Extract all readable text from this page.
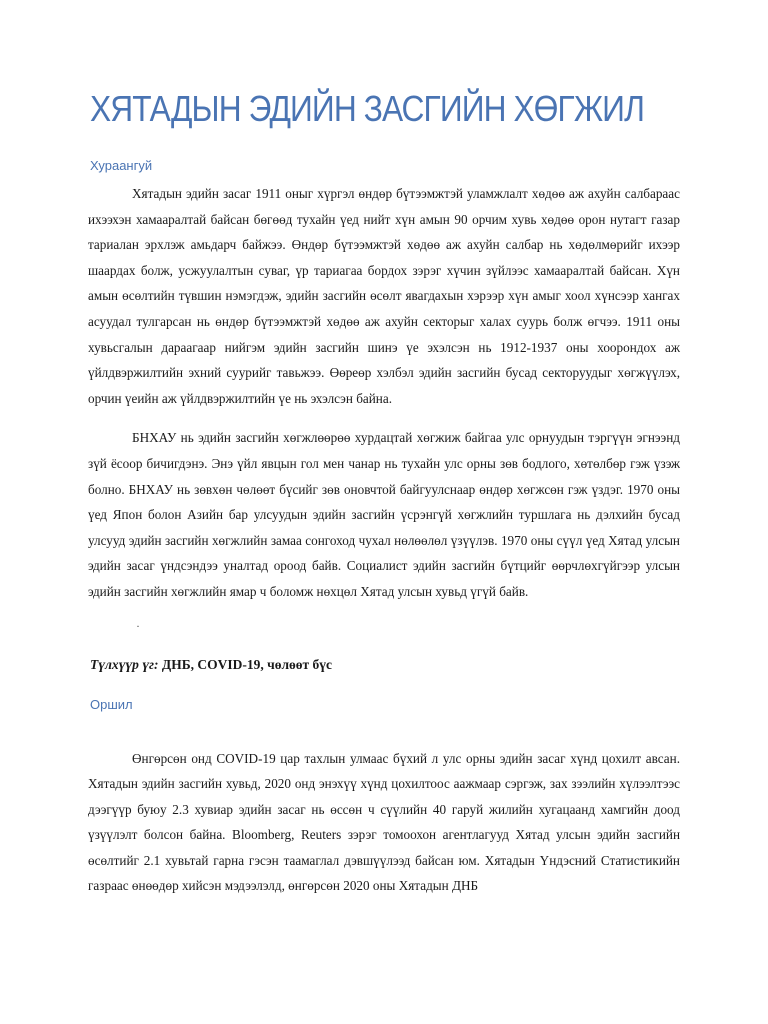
ХЯТАДЫН ЭДИЙН ЗАСГИЙН ХӨГЖИЛ
Хураангуй

Хятадын эдийн засаг 1911 оныг хүргэл өндөр бүтээмжтэй уламжлалт хөдөө аж ахуйн салбараас ихээхэн хамааралтай байсан бөгөөд тухайн үед нийт хүн амын 90 орчим хувь хөдөө орон нутагт газар тариалан эрхлэж амьдарч байжээ. Өндөр бүтээмжтэй хөдөө аж ахуйн салбар нь хөдөлмөрийг ихээр шаардах болж, усжуулалтын суваг, үр тариагаа бордох зэрэг хүчин зүйлээс хамааралтай байсан. Хүн амын өсөлтийн түвшин нэмэгдэж, эдийн засгийн өсөлт явагдахын хэрээр хүн амыг хоол хүнсээр хангах асуудал тулгарсан нь өндөр бүтээмжтэй хөдөө аж ахуйн секторыг халах суурь болж өгчээ. 1911 оны хувьсгалын дараагаар нийгэм эдийн засгийн шинэ үе эхэлсэн нь 1912-1937 оны хоорондох аж үйлдвэржилтийн эхний суурийг тавьжээ. Өөреөр хэлбэл эдийн засгийн бусад секторуудыг хөгжүүлэх, орчин үеийн аж үйлдвэржилтийн үе нь эхэлсэн байна.

БНХАУ нь эдийн засгийн хөгжлөөрөө хурдацтай хөгжиж байгаа улс орнуудын тэргүүн эгнээнд зүй ёсоор бичигдэнэ. Энэ үйл явцын гол мен чанар нь тухайн улс орны зөв бодлого, хөтөлбөр гэж үзэж болно. БНХАУ нь зөвхөн чөлөөт бүсийг зөв оновчтой байгуулснаар өндөр хөгжсөн гэж үздэг. 1970 оны үед Япон болон Азийн бар улсуудын эдийн засгийн үсрэнгүй хөгжлийн туршлага нь дэлхийн бусад улсууд эдийн засгийн хөгжлийн замаа сонгоход чухал нөлөөлөл үзүүлэв. 1970 оны сүүл үед Хятад улсын эдийн засаг үндсэндээ уналтад ороод байв. Социалист эдийн засгийн бүтцийг өөрчлөхгүйгээр улсын эдийн засгийн хөгжлийн ямар ч боломж нөхцөл Хятад улсын хувьд үгүй байв.

·
Түлхүүр үг: ДНБ, COVID-19, чөлөөт бүс
Оршил

Өнгөрсөн онд COVID-19 цар тахлын улмаас бүхий л улс орны эдийн засаг хүнд цохилт авсан. Хятадын эдийн засгийн хувьд, 2020 онд энэхүү хүнд цохилтоос аажмаар сэргэж, зах зээлийн хүлээлтээс дээгүүр буюу 2.3 хувиар эдийн засаг нь өссөн ч сүүлийн 40 гаруй жилийн хугацаанд хамгийн доод үзүүлэлт болсон байна. Bloomberg, Reuters зэрэг томоохон агентлагууд Хятад улсын эдийн засгийн өсөлтийг 2.1 хувьтай гарна гэсэн таамаглал дэвшүүлээд байсан юм. Хятадын Үндэсний Статистикийн газраас өнөөдөр хийсэн мэдээлэлд, өнгөрсөн 2020 оны Хятадын ДНБ
